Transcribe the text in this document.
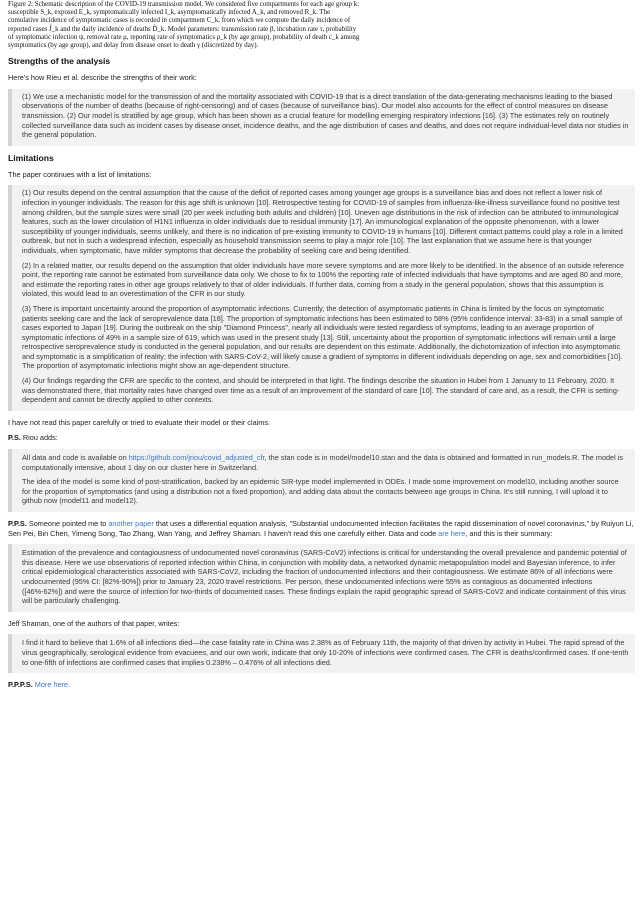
Figure 2: Schematic description of the COVID-19 transmission model. We considered five compartments for each age group k: susceptible S_k, exposed E_k, symptomatically infected I_k, asymptomatically infected A_k, and removed R_k. The cumulative incidence of symptomatic cases is recorded in compartment C_k, from which we compute the daily incidence of reported cases J̃_k and the daily incidence of deaths D̃_k. Model parameters: transmission rate β, incubation rate τ, probability of symptomatic infection ψ, removal rate μ, reporting rate of symptomatics ρ_k (by age group), probability of death c_k among symptomatics (by age group), and delay from disease onset to death γ (discretized by day).
Strengths of the analysis

Here's how Rieu et al. describe the strengths of their work:

(1) We use a mechanistic model for the transmission of and the mortality associated with COVID-19 that is a direct translation of the data-generating mechanisms leading to the biased observations of the number of deaths (because of right-censoring) and of cases (because of surveillance bias). Our model also accounts for the effect of control measures on disease transmission. (2) Our model is stratified by age group, which has been shown as a crucial feature for modelling emerging respiratory infections [16]. (3) The estimates rely on routinely collected surveillance data such as incident cases by disease onset, incidence deaths, and the age distribution of cases and deaths, and does not require individual-level data nor studies in the general population.

Limitations

The paper continues with a list of limitations:

(1) Our results depend on the central assumption that the cause of the deficit of reported cases among younger age groups is a surveillance bias and does not reflect a lower risk of infection in younger individuals. The reason for this age shift is unknown [10]. Retrospective testing for COVID-19 of samples from influenza-like-illness surveillance found no positive test among children, but the sample sizes were small (20 per week including both adults and children) [10]. Uneven age distributions in the risk of infection can be attributed to immunological features, such as the lower circulation of H1N1 influenza in older individuals due to residual immunity [17]. An immunological explanation of the opposite phenomenon, with a lower susceptibility of younger individuals, seems unlikely, and there is no indication of pre-existing immunity to COVID-19 in humans [10]. Different contact patterns could play a role in a limited outbreak, but not in such a widespread infection, especially as household transmission seems to play a major role [10]. The last explanation that we assume here is that younger individuals, when symptomatic, have milder symptoms that decrease the probability of seeking care and being identified.

(2) In a related matter, our results depend on the assumption that older individuals have more severe symptoms and are more likely to be identified. In the absence of an outside reference point, the reporting rate cannot be estimated from surveillance data only. We chose to fix to 100% the reporting rate of infected individuals that have symptoms and are aged 80 and more, and estimate the reporting rates in other age groups relatively to that of older individuals. If further data, coming from a study in the general population, shows that this assumption is violated, this would lead to an overestimation of the CFR in our study.

(3) There is important uncertainty around the proportion of asymptomatic infections. Currently, the detection of asymptomatic patients in China is limited by the focus on symptomatic patients seeking care and the lack of seroprevalence data [18]. The proportion of symptomatic infections has been estimated to 58% (95% confidence interval: 33-83) in a small sample of cases exported to Japan [19]. During the outbreak on the ship "Diamond Princess", nearly all individuals were tested regardless of symptoms, leading to an average proportion of symptomatic infections of 49% in a sample size of 619, which was used in the present study [13]. Still, uncertainty about the proportion of symptomatic infections will remain until a large retrospective seroprevalence study is conducted in the general population, and our results are dependent on this estimate. Additionally, the dichotomization of infection into asymptomatic and symptomatic is a simplification of reality; the infection with SARS-CoV-2, will likely cause a gradient of symptoms in different individuals depending on age, sex and comorbidities [10]. The proportion of asymptomatic infections might show an age-dependent structure.

(4) Our findings regarding the CFR are specific to the context, and should be interpreted in that light. The findings describe the situation in Hubei from 1 January to 11 February, 2020. It was demonstrated there, that mortality rates have changed over time as a result of an improvement of the standard of care [10]. The standard of care and, as a result, the CFR is setting-dependent and cannot be directly applied to other contexts.

I have not read this paper carefully or tried to evaluate their model or their claims.

P.S. Riou adds:

All data and code is available on https://github.com/jriou/covid_adjusted_cfr, the stan code is in model/model10.stan and the data is obtained and formatted in run_models.R. The model is computationally intensive, about 1 day on our cluster here in Switzerland.

The idea of the model is some kind of post-stratification, backed by an epidemic SIR-type model implemented in ODEs. I made some improvement on model10, including another source for the proportion of symptomatics (and using a distribution not a fixed proportion), and adding data about the contacts between age groups in China. It's still running, I will upload it to github now (model11 and model12).

P.P.S. Someone pointed me to another paper that uses a differential equation analysis, "Substantial undocumented infection facilitates the rapid dissemination of novel coronavirus," by Ruiyun Li, Sen Pei, Bin Chen, Yimeng Song, Tao Zhang, Wan Yang, and Jeffrey Shaman. I haven't read this one carefully either. Data and code are here, and this is their summary:

Estimation of the prevalence and contagiousness of undocumented novel coronavirus (SARS-CoV2) infections is critical for understanding the overall prevalence and pandemic potential of this disease. Here we use observations of reported infection within China, in conjunction with mobility data, a networked dynamic metapopulation model and Bayesian inference, to infer critical epidemiological characteristics associated with SARS-CoV2, including the fraction of undocumented infections and their contagiousness. We estimate 86% of all infections were undocumented (95% CI: [82%-90%]) prior to January 23, 2020 travel restrictions. Per person, these undocumented infections were 55% as contagious as documented infections ([46%-62%]) and were the source of infection for two-thirds of documented cases. These findings explain the rapid geographic spread of SARS-CoV2 and indicate containment of this virus will be particularly challenging.

Jeff Shaman, one of the authors of that paper, writes:

I find it hard to believe that 1.6% of all infections died—the case fatality rate in China was 2.38% as of February 11th, the majority of that driven by activity in Hubei. The rapid spread of the virus geographically, serological evidence from evacuees, and our own work, indicate that only 10-20% of infections were confirmed cases. The CFR is deaths/confirmed cases. If one-tenth to one-fifth of infections are confirmed cases that implies 0.238% – 0.476% of all infections died.

P.P.P.S. More here.
